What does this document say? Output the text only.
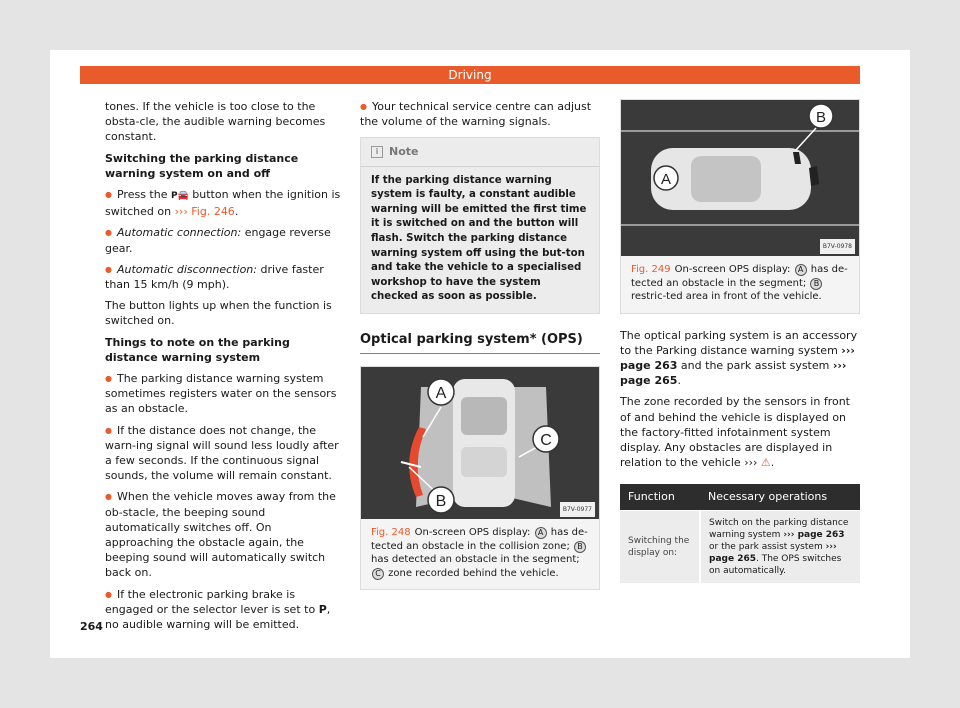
Driving

tones. If the vehicle is too close to the obsta-cle, the audible warning becomes constant.

Switching the parking distance warning system on and off

● Press the P🚘 button when the ignition is switched on ››› Fig. 246.

● Automatic connection: engage reverse gear.

● Automatic disconnection: drive faster than 15 km/h (9 mph).

The button lights up when the function is switched on.

Things to note on the parking distance warning system

● The parking distance warning system sometimes registers water on the sensors as an obstacle.

● If the distance does not change, the warn-ing signal will sound less loudly after a few seconds. If the continuous signal sounds, the volume will remain constant.

● When the vehicle moves away from the ob-stacle, the beeping sound automatically switches off. On approaching the obstacle again, the beeping sound will automatically switch back on.

● If the electronic parking brake is engaged or the selector lever is set to P, no audible warning will be emitted.

● Your technical service centre can adjust the volume of the warning signals.

i Note
If the parking distance warning system is faulty, a constant audible warning will be emitted the first time it is switched on and the button will flash. Switch the parking distance warning system off using the but-ton and take the vehicle to a specialised workshop to have the system checked as soon as possible.
Optical parking system* (OPS)
A
C
B	B7V-0977
Fig. 248 On-screen OPS display: A has de-tected an obstacle in the collision zone; B has detected an obstacle in the segment; C zone recorded behind the vehicle.
B
A
B7V-0978
Fig. 249 On-screen OPS display: A has de-tected an obstacle in the segment; B restric-ted area in front of the vehicle.

The optical parking system is an accessory to the Parking distance warning system ››› page 263 and the park assist system ››› page 265.

The zone recorded by the sensors in front of and behind the vehicle is displayed on the factory-fitted infotainment system display. Any obstacles are displayed in relation to the vehicle ››› ⚠.

Function	Necessary operations
Switching the display on:	Switch on the parking distance warning system ››› page 263 or the park assist system ››› page 265. The OPS switches on automatically.
264
